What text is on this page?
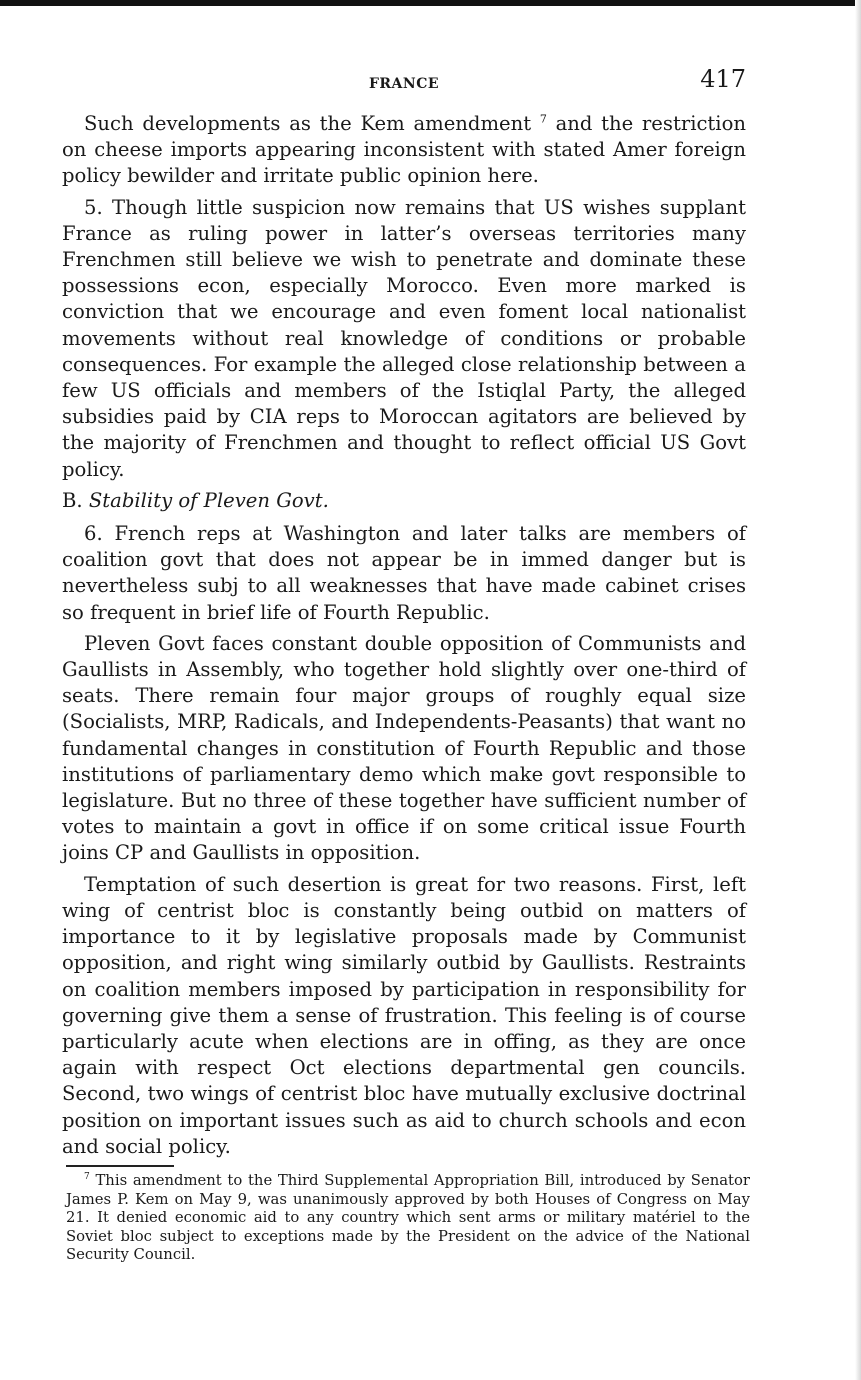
FRANCE	417

Such developments as the Kem amendment $^7$ and the restriction on cheese imports appearing inconsistent with stated Amer foreign policy bewilder and irritate public opinion here.

5. Though little suspicion now remains that US wishes supplant France as ruling power in latter’s overseas territories many Frenchmen still believe we wish to penetrate and dominate these possessions econ, especially Morocco. Even more marked is conviction that we encourage and even foment local nationalist movements without real knowledge of conditions or probable consequences. For example the alleged close relationship between a few US officials and members of the Istiqlal Party, the alleged subsidies paid by CIA reps to Moroccan agitators are believed by the majority of Frenchmen and thought to reflect official US Govt policy.

B. Stability of Pleven Govt.

6. French reps at Washington and later talks are members of coalition govt that does not appear be in immed danger but is nevertheless subj to all weaknesses that have made cabinet crises so frequent in brief life of Fourth Republic.

Pleven Govt faces constant double opposition of Communists and Gaullists in Assembly, who together hold slightly over one-third of seats. There remain four major groups of roughly equal size (Socialists, MRP, Radicals, and Independents-Peasants) that want no fundamental changes in constitution of Fourth Republic and those institutions of parliamentary demo which make govt responsible to legislature. But no three of these together have sufficient number of votes to maintain a govt in office if on some critical issue Fourth joins CP and Gaullists in opposition.

Temptation of such desertion is great for two reasons. First, left wing of centrist bloc is constantly being outbid on matters of importance to it by legislative proposals made by Communist opposition, and right wing similarly outbid by Gaullists. Restraints on coalition members imposed by participation in responsibility for governing give them a sense of frustration. This feeling is of course particularly acute when elections are in offing, as they are once again with respect Oct elections departmental gen councils. Second, two wings of centrist bloc have mutually exclusive doctrinal position on important issues such as aid to church schools and econ and social policy.

$^7$ This amendment to the Third Supplemental Appropriation Bill, introduced by Senator James P. Kem on May 9, was unanimously approved by both Houses of Congress on May 21. It denied economic aid to any country which sent arms or military matériel to the Soviet bloc subject to exceptions made by the President on the advice of the National Security Council.
